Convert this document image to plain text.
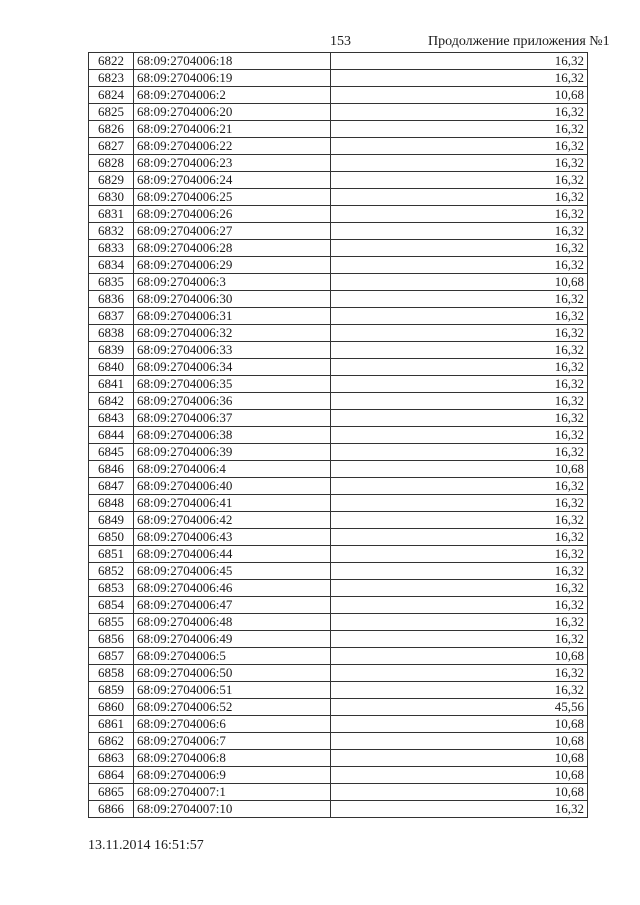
153	Продолжение приложения №1
6822	68:09:2704006:18	16,32
6823	68:09:2704006:19	16,32
6824	68:09:2704006:2	10,68
6825	68:09:2704006:20	16,32
6826	68:09:2704006:21	16,32
6827	68:09:2704006:22	16,32
6828	68:09:2704006:23	16,32
6829	68:09:2704006:24	16,32
6830	68:09:2704006:25	16,32
6831	68:09:2704006:26	16,32
6832	68:09:2704006:27	16,32
6833	68:09:2704006:28	16,32
6834	68:09:2704006:29	16,32
6835	68:09:2704006:3	10,68
6836	68:09:2704006:30	16,32
6837	68:09:2704006:31	16,32
6838	68:09:2704006:32	16,32
6839	68:09:2704006:33	16,32
6840	68:09:2704006:34	16,32
6841	68:09:2704006:35	16,32
6842	68:09:2704006:36	16,32
6843	68:09:2704006:37	16,32
6844	68:09:2704006:38	16,32
6845	68:09:2704006:39	16,32
6846	68:09:2704006:4	10,68
6847	68:09:2704006:40	16,32
6848	68:09:2704006:41	16,32
6849	68:09:2704006:42	16,32
6850	68:09:2704006:43	16,32
6851	68:09:2704006:44	16,32
6852	68:09:2704006:45	16,32
6853	68:09:2704006:46	16,32
6854	68:09:2704006:47	16,32
6855	68:09:2704006:48	16,32
6856	68:09:2704006:49	16,32
6857	68:09:2704006:5	10,68
6858	68:09:2704006:50	16,32
6859	68:09:2704006:51	16,32
6860	68:09:2704006:52	45,56
6861	68:09:2704006:6	10,68
6862	68:09:2704006:7	10,68
6863	68:09:2704006:8	10,68
6864	68:09:2704006:9	10,68
6865	68:09:2704007:1	10,68
6866	68:09:2704007:10	16,32
13.11.2014 16:51:57
